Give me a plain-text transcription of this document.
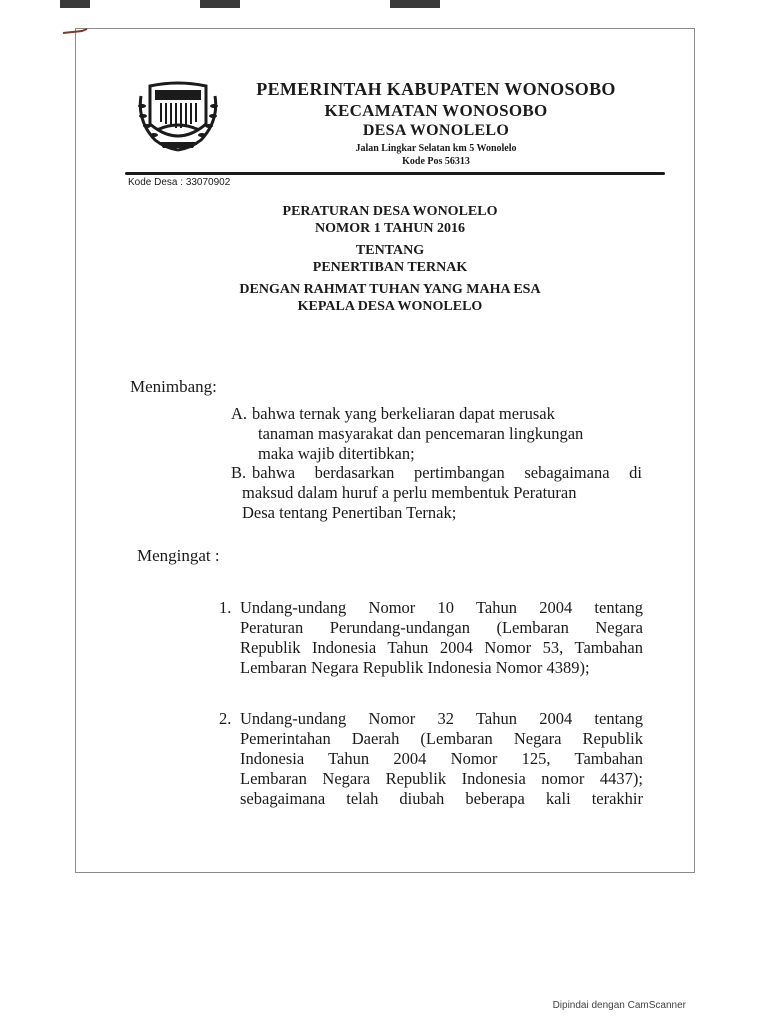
PEMERINTAH KABUPATEN WONOSOBO
KECAMATAN WONOSOBO
DESA WONOLELO
Jalan Lingkar Selatan km 5 Wonolelo
Kode Pos 56313
Kode Desa : 33070902
PERATURAN DESA WONOLELO
NOMOR 1 TAHUN 2016
TENTANG
PENERTIBAN TERNAK
DENGAN RAHMAT TUHAN YANG MAHA ESA
KEPALA DESA WONOLELO
Menimbang:
A. bahwa ternak yang berkeliaran dapat merusak
tanaman masyarakat dan pencemaran lingkungan
maka wajib ditertibkan;
B. bahwa berdasarkan pertimbangan sebagaimana di
maksud dalam huruf a perlu membentuk Peraturan
Desa tentang Penertiban Ternak;
Mengingat :
1. Undang-undang Nomor 10 Tahun 2004 tentang
Peraturan Perundang-undangan (Lembaran Negara
Republik Indonesia Tahun 2004 Nomor 53, Tambahan
Lembaran Negara Republik Indonesia Nomor 4389);
2. Undang-undang Nomor 32 Tahun 2004 tentang
Pemerintahan Daerah (Lembaran Negara Republik
Indonesia Tahun 2004 Nomor 125, Tambahan
Lembaran Negara Republik Indonesia nomor 4437);
sebagaimana telah diubah beberapa kali terakhir
Dipindai dengan CamScanner
